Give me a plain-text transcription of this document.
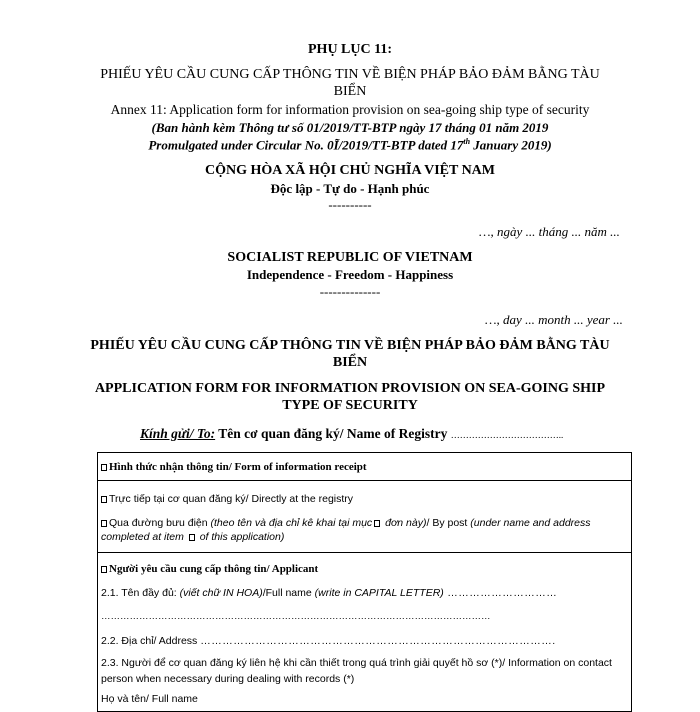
PHỤ LỤC 11:
PHIẾU YÊU CẦU CUNG CẤP THÔNG TIN VỀ BIỆN PHÁP BẢO ĐẢM BẰNG TÀU
BIỂN
Annex 11: Application form for information provision on sea-going ship type of security
(Ban hành kèm Thông tư số 01/2019/TT-BTP ngày 17 tháng 01 năm 2019
Promulgated under Circular No. 0Ĩ/2019/TT-BTP dated 17th January 2019)
CỘNG HÒA XÃ HỘI CHỦ NGHĨA VIỆT NAM
Độc lập - Tự do - Hạnh phúc
----------
…, ngày ... tháng ... năm ...
SOCIALIST REPUBLIC OF VIETNAM
Independence - Freedom - Happiness
--------------
…, day ... month ... year ...
PHIẾU YÊU CẦU CUNG CẤP THÔNG TIN VỀ BIỆN PHÁP BẢO ĐẢM BẰNG TÀU
BIỂN
APPLICATION FORM FOR INFORMATION PROVISION ON SEA-GOING SHIP
TYPE OF SECURITY
Kính gửi/ To: Tên cơ quan đăng ký/ Name of Registry ………………………………..
Hình thức nhận thông tin/ Form of information receipt
Trực tiếp tại cơ quan đăng ký/ Directly at the registry
Qua đường bưu điện (theo tên và địa chỉ kê khai tại mục đơn này)/ By post (under name and address
completed at item  of this application)
Người yêu cầu cung cấp thông tin/ Applicant
2.1. Tên đầy đủ: (viết chữ IN HOA)/Full name (write in CAPITAL LETTER) …………………………
……………………………………………………………………………………………………………
2.2. Địa chỉ/ Address …………………………………………………………………………………….
2.3. Người để cơ quan đăng ký liên hệ khi cần thiết trong quá trình giải quyết hồ sơ (*)/ Information on contact
person when necessary during dealing with records (*)
Họ và tên/ Full name
